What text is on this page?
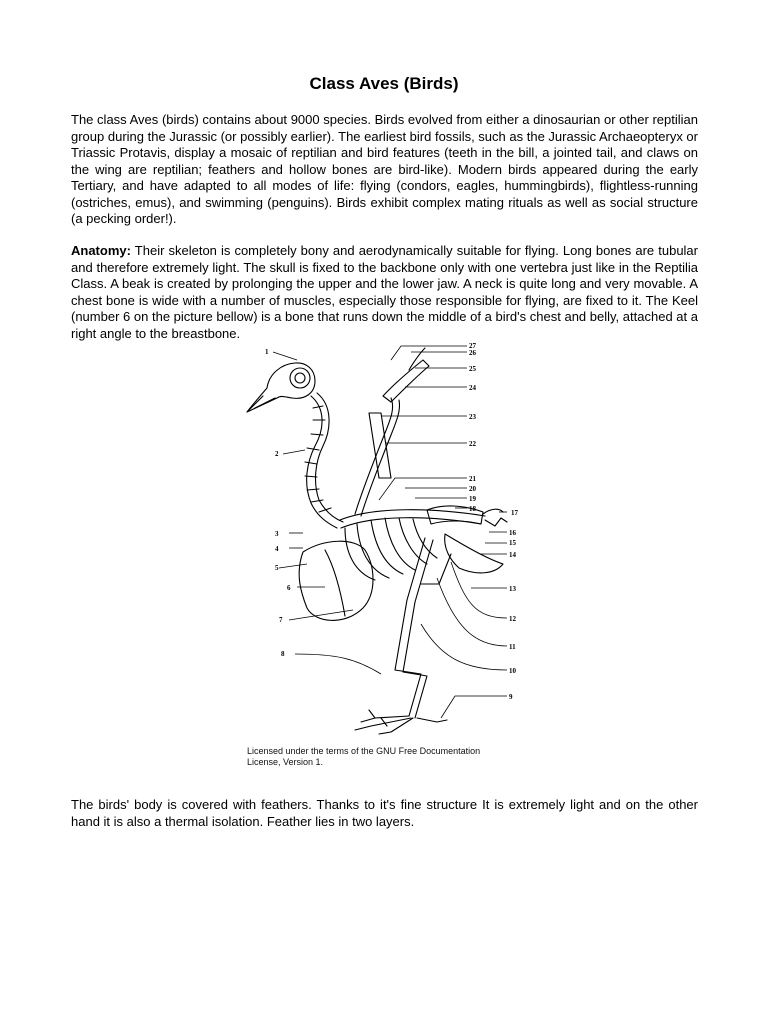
Class Aves (Birds)

The class Aves (birds) contains about 9000 species. Birds evolved from either a dinosaurian or other reptilian group during the Jurassic (or possibly earlier). The earliest bird fossils, such as the Jurassic Archaeopteryx or Triassic Protavis, display a mosaic of reptilian and bird features (teeth in the bill, a jointed tail, and claws on the wing are reptilian; feathers and hollow bones are bird-like). Modern birds appeared during the early Tertiary, and have adapted to all modes of life: flying (condors, eagles, hummingbirds), flightless-running (ostriches, emus), and swimming (penguins). Birds exhibit complex mating rituals as well as social structure (a pecking order!).

Anatomy: Their skeleton is completely bony and aerodynamically suitable for flying. Long bones are tubular and therefore extremely light. The skull is fixed to the backbone only with one vertebra just like in the Reptilia Class. A beak is created by prolonging the upper and the lower jaw. A neck is quite long and very movable. A chest bone is wide with a number of muscles, especially those responsible for flying, are fixed to it. The Keel (number 6 on the picture bellow) is a bone that runs down the middle of a bird's chest and belly, attached at a right angle to the breastbone.

1
2
3
4
5
6
7
8
27
26
25
24
23
22
21
20
19
18	17
16
15
14
13
12
11
10
9
Licensed under the terms of the GNU Free Documentation
License, Version 1.

The birds' body is covered with feathers. Thanks to it's fine structure It is extremely light and on the other hand it is also a thermal isolation. Feather lies in two layers.
